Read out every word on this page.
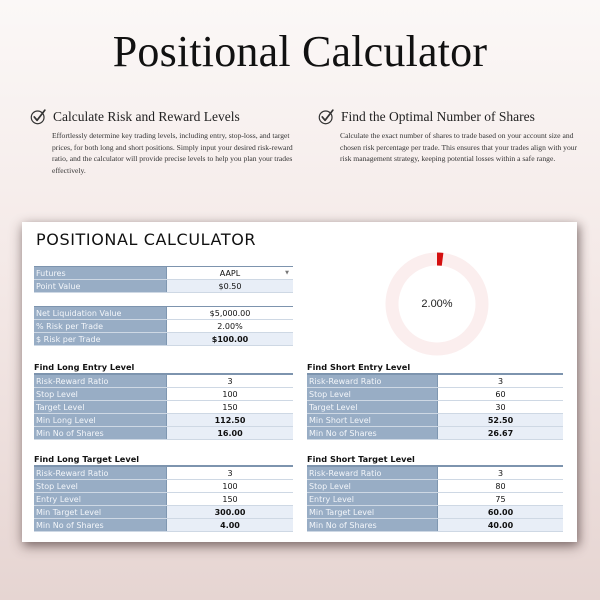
Positional Calculator
Calculate Risk and Reward Levels
Effortlessly determine key trading levels, including entry, stop-loss, and target prices, for both long and short positions. Simply input your desired risk-reward ratio, and the calculator will provide precise levels to help you plan your trades effectively.
Find the Optimal Number of Shares
Calculate the exact number of shares to trade based on your account size and chosen risk percentage per trade. This ensures that your trades align with your risk management strategy, keeping potential losses within a safe range.
POSITIONAL CALCULATOR
Futures	AAPL	▼
Point Value	$0.50
Net Liquidation Value	$5,000.00
% Risk per Trade	2.00%
$ Risk per Trade	$100.00
2.00%
Find Long Entry Level
Risk-Reward Ratio	3
Stop Level	100
Target Level	150
Min Long Level	112.50
Min No of Shares	16.00
Find Short Entry Level
Risk-Reward Ratio	3
Stop Level	60
Target Level	30
Min Short Level	52.50
Min No of Shares	26.67
Find Long Target Level
Risk-Reward Ratio	3
Stop Level	100
Entry Level	150
Min Target Level	300.00
Min No of Shares	4.00
Find Short Target Level
Risk-Reward Ratio	3
Stop Level	80
Entry Level	75
Min Target Level	60.00
Min No of Shares	40.00
